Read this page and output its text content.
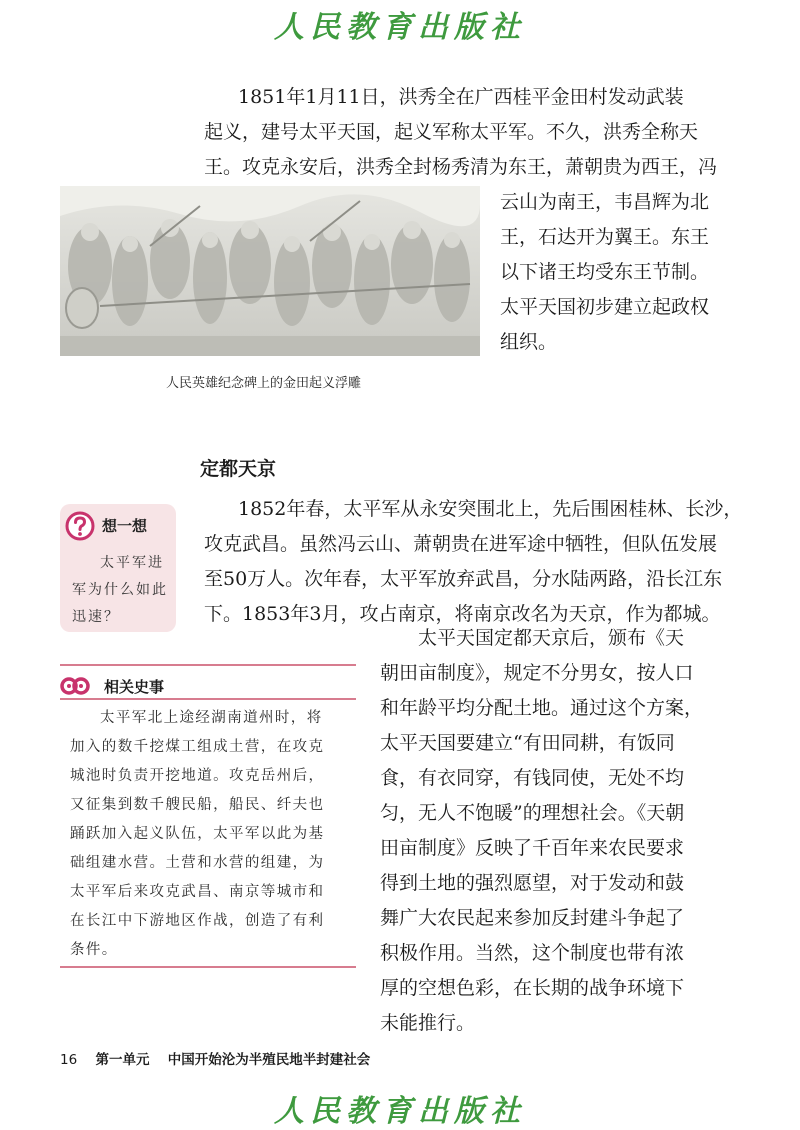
人民教育出版社
1851年1月11日，洪秀全在广西桂平金田村发动武装
起义，建号太平天国，起义军称太平军。不久，洪秀全称天
王。攻克永安后，洪秀全封杨秀清为东王，萧朝贵为西王，冯
云山为南王，韦昌辉为北
王，石达开为翼王。东王
以下诸王均受东王节制。
太平天国初步建立起政权
组织。
人民英雄纪念碑上的金田起义浮雕
定都天京
1852年春，太平军从永安突围北上，先后围困桂林、长沙，
攻克武昌。虽然冯云山、萧朝贵在进军途中牺牲，但队伍发展
至50万人。次年春，太平军放弃武昌，分水陆两路，沿长江东
下。1853年3月，攻占南京，将南京改名为天京，作为都城。
太平天国定都天京后，颁布《天
朝田亩制度》，规定不分男女，按人口
和年龄平均分配土地。通过这个方案，
太平天国要建立“有田同耕，有饭同
食，有衣同穿，有钱同使，无处不均
匀，无人不饱暖”的理想社会。《天朝
田亩制度》反映了千百年来农民要求
得到土地的强烈愿望，对于发动和鼓
舞广大农民起来参加反封建斗争起了
积极作用。当然，这个制度也带有浓
厚的空想色彩，在长期的战争环境下
未能推行。
想一想
太平军进
军为什么如此
迅速？
相关史事
太平军北上途经湖南道州时，将
加入的数千挖煤工组成土营，在攻克
城池时负责开挖地道。攻克岳州后，
又征集到数千艘民船，船民、纤夫也
踊跃加入起义队伍，太平军以此为基
础组建水营。土营和水营的组建，为
太平军后来攻克武昌、南京等城市和
在长江中下游地区作战，创造了有利
条件。
16 第一单元 中国开始沦为半殖民地半封建社会
人民教育出版社
